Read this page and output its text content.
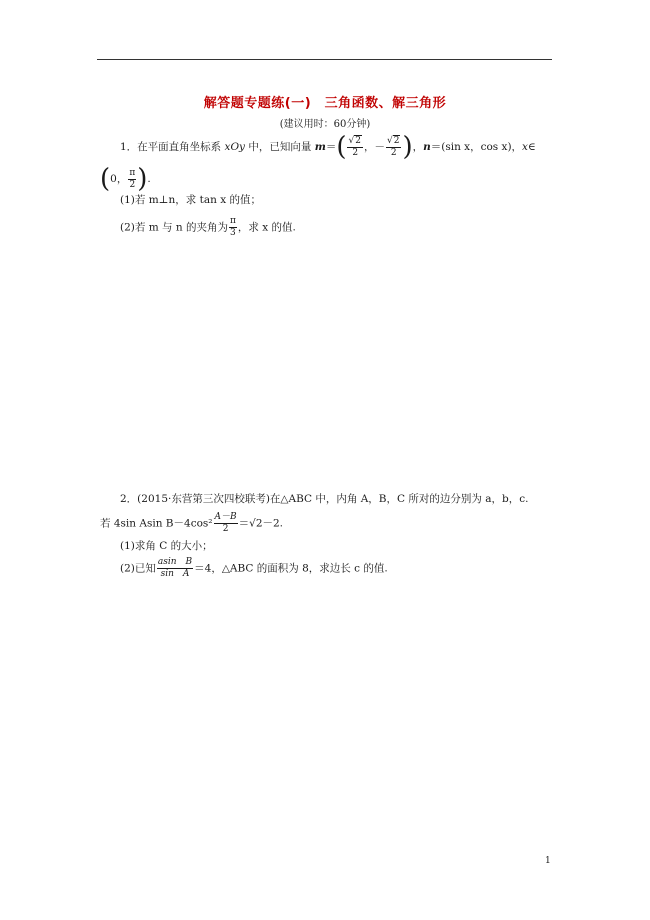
解答题专题练(一)　三角函数、解三角形
(建议用时：60分钟)
1．在平面直角坐标系 xOy 中，已知向量 $m=( \frac{√2}{2}$ ，－ $\frac{√2}{2}$ )，n＝(sin x，cos x)，x∈
(0， $\frac{\pi}{2}$ ).
(1)若 m⊥n，求 tan x 的值；
(2)若 m 与 n 的夹角为 $\frac{\pi}{3}$ ，求 x 的值.
2．(2015·东营第三次四校联考)在△ABC 中，内角 A，B，C 所对的边分别为 a，b，c.
若 4sin Asin $B-4\cos^2 \frac{A-B}{2} =√2-2$.
(1)求角 C 的大小；
(2)已知 $\frac{\text{asin　B}}{\text{sin　A}} =4$，△ABC 的面积为 8，求边长 c 的值.
1
